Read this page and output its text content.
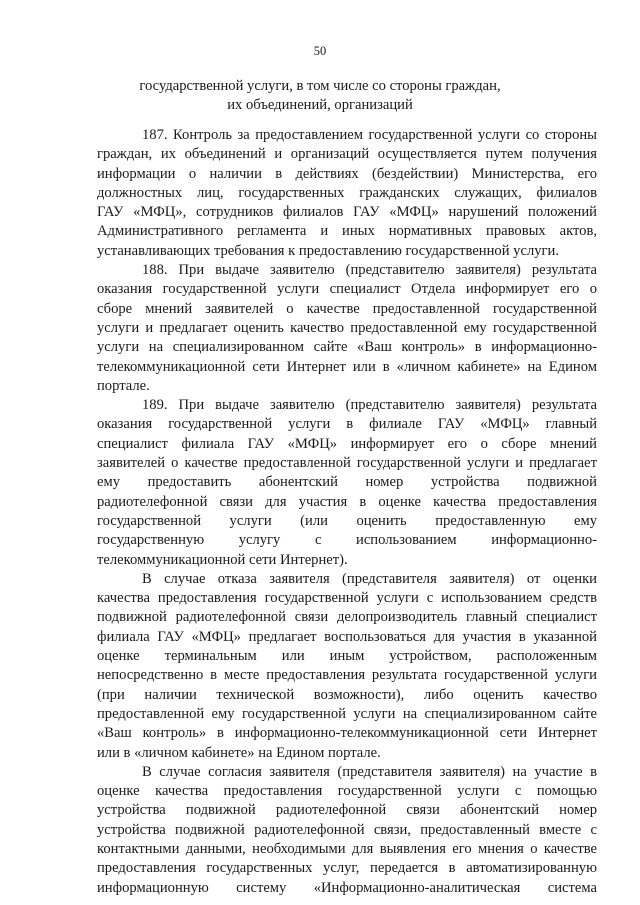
50
государственной услуги, в том числе со стороны граждан,
их объединений, организаций
187. Контроль за предоставлением государственной услуги со стороны
граждан, их объединений и организаций осуществляется путем получения
информации о наличии в действиях (бездействии) Министерства, его
должностных лиц, государственных гражданских служащих, филиалов
ГАУ «МФЦ», сотрудников филиалов ГАУ «МФЦ» нарушений положений
Административного регламента и иных нормативных правовых актов,
устанавливающих требования к предоставлению государственной услуги.
188. При выдаче заявителю (представителю заявителя) результата
оказания государственной услуги специалист Отдела информирует его о
сборе мнений заявителей о качестве предоставленной государственной
услуги и предлагает оценить качество предоставленной ему государственной
услуги на специализированном сайте «Ваш контроль» в информационно-
телекоммуникационной сети Интернет или в «личном кабинете» на Едином
портале.
189. При выдаче заявителю (представителю заявителя) результата
оказания государственной услуги в филиале ГАУ «МФЦ» главный
специалист филиала ГАУ «МФЦ» информирует его о сборе мнений
заявителей о качестве предоставленной государственной услуги и предлагает
ему предоставить абонентский номер устройства подвижной
радиотелефонной связи для участия в оценке качества предоставления
государственной услуги (или оценить предоставленную ему
государственную услугу с использованием информационно-
телекоммуникационной сети Интернет).
В случае отказа заявителя (представителя заявителя) от оценки
качества предоставления государственной услуги с использованием средств
подвижной радиотелефонной связи делопроизводитель главный специалист
филиала ГАУ «МФЦ» предлагает воспользоваться для участия в указанной
оценке терминальным или иным устройством, расположенным
непосредственно в месте предоставления результата государственной услуги
(при наличии технической возможности), либо оценить качество
предоставленной ему государственной услуги на специализированном сайте
«Ваш контроль» в информационно-телекоммуникационной сети Интернет
или в «личном кабинете» на Едином портале.
В случае согласия заявителя (представителя заявителя) на участие в
оценке качества предоставления государственной услуги с помощью
устройства подвижной радиотелефонной связи абонентский номер
устройства подвижной радиотелефонной связи, предоставленный вместе с
контактными данными, необходимыми для выявления его мнения о качестве
предоставления государственных услуг, передается в автоматизированную
информационную систему «Информационно-аналитическая система
